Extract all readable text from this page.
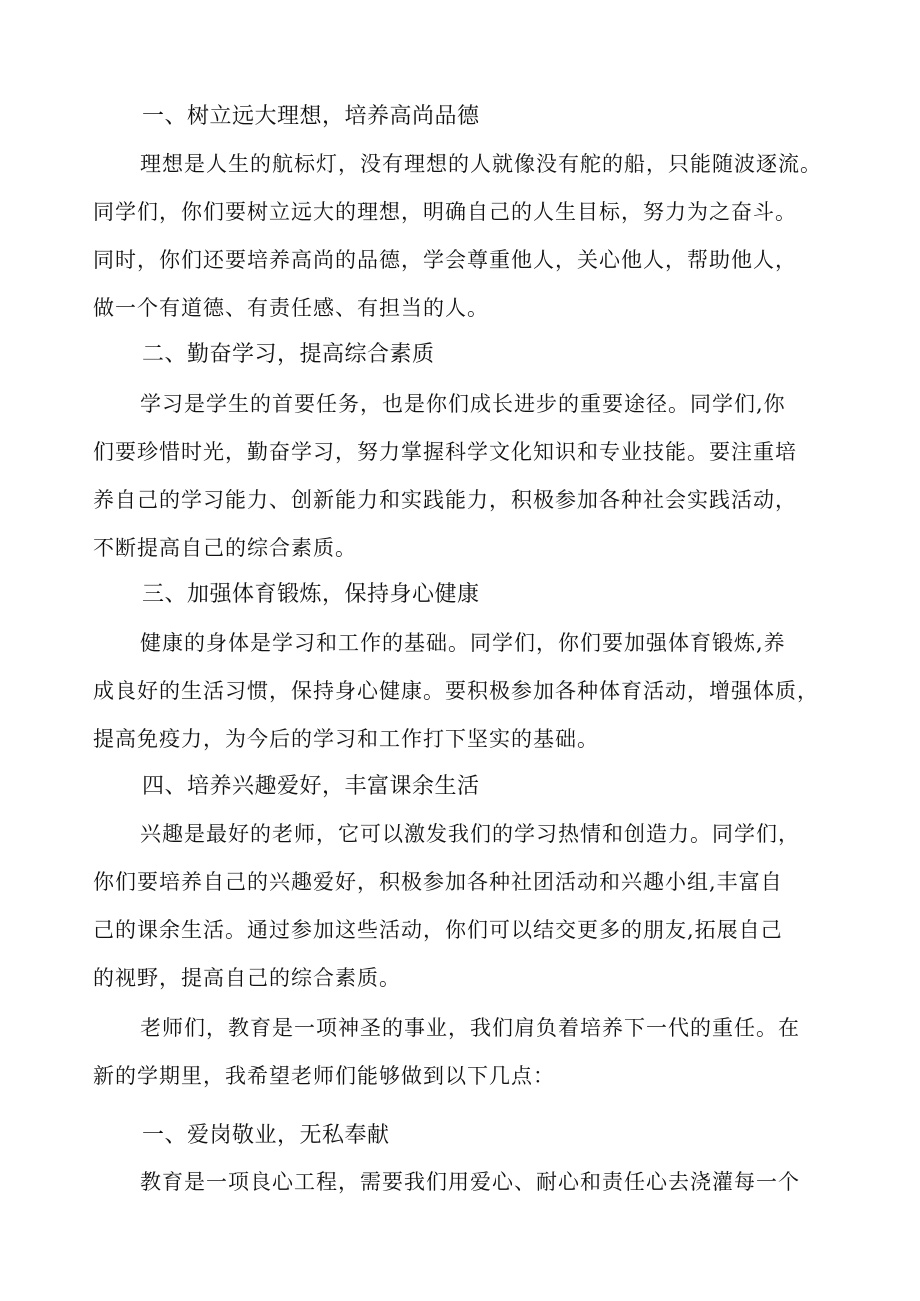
一、树立远大理想，培养高尚品德
理想是人生的航标灯，没有理想的人就像没有舵的船，只能随波逐流。
同学们，你们要树立远大的理想，明确自己的人生目标，努力为之奋斗。
同时，你们还要培养高尚的品德，学会尊重他人，关心他人，帮助他人，
做一个有道德、有责任感、有担当的人。
二、勤奋学习，提高综合素质
学习是学生的首要任务，也是你们成长进步的重要途径。同学们,你
们要珍惜时光，勤奋学习，努力掌握科学文化知识和专业技能。要注重培
养自己的学习能力、创新能力和实践能力，积极参加各种社会实践活动，
不断提高自己的综合素质。
三、加强体育锻炼，保持身心健康
健康的身体是学习和工作的基础。同学们，你们要加强体育锻炼,养
成良好的生活习惯，保持身心健康。要积极参加各种体育活动，增强体质，
提高免疫力，为今后的学习和工作打下坚实的基础。
四、培养兴趣爱好，丰富课余生活
兴趣是最好的老师，它可以激发我们的学习热情和创造力。同学们，
你们要培养自己的兴趣爱好，积极参加各种社团活动和兴趣小组,丰富自
己的课余生活。通过参加这些活动，你们可以结交更多的朋友,拓展自己
的视野，提高自己的综合素质。
老师们，教育是一项神圣的事业，我们肩负着培养下一代的重任。在
新的学期里，我希望老师们能够做到以下几点：
一、爱岗敬业，无私奉献
教育是一项良心工程，需要我们用爱心、耐心和责任心去浇灌每一个
